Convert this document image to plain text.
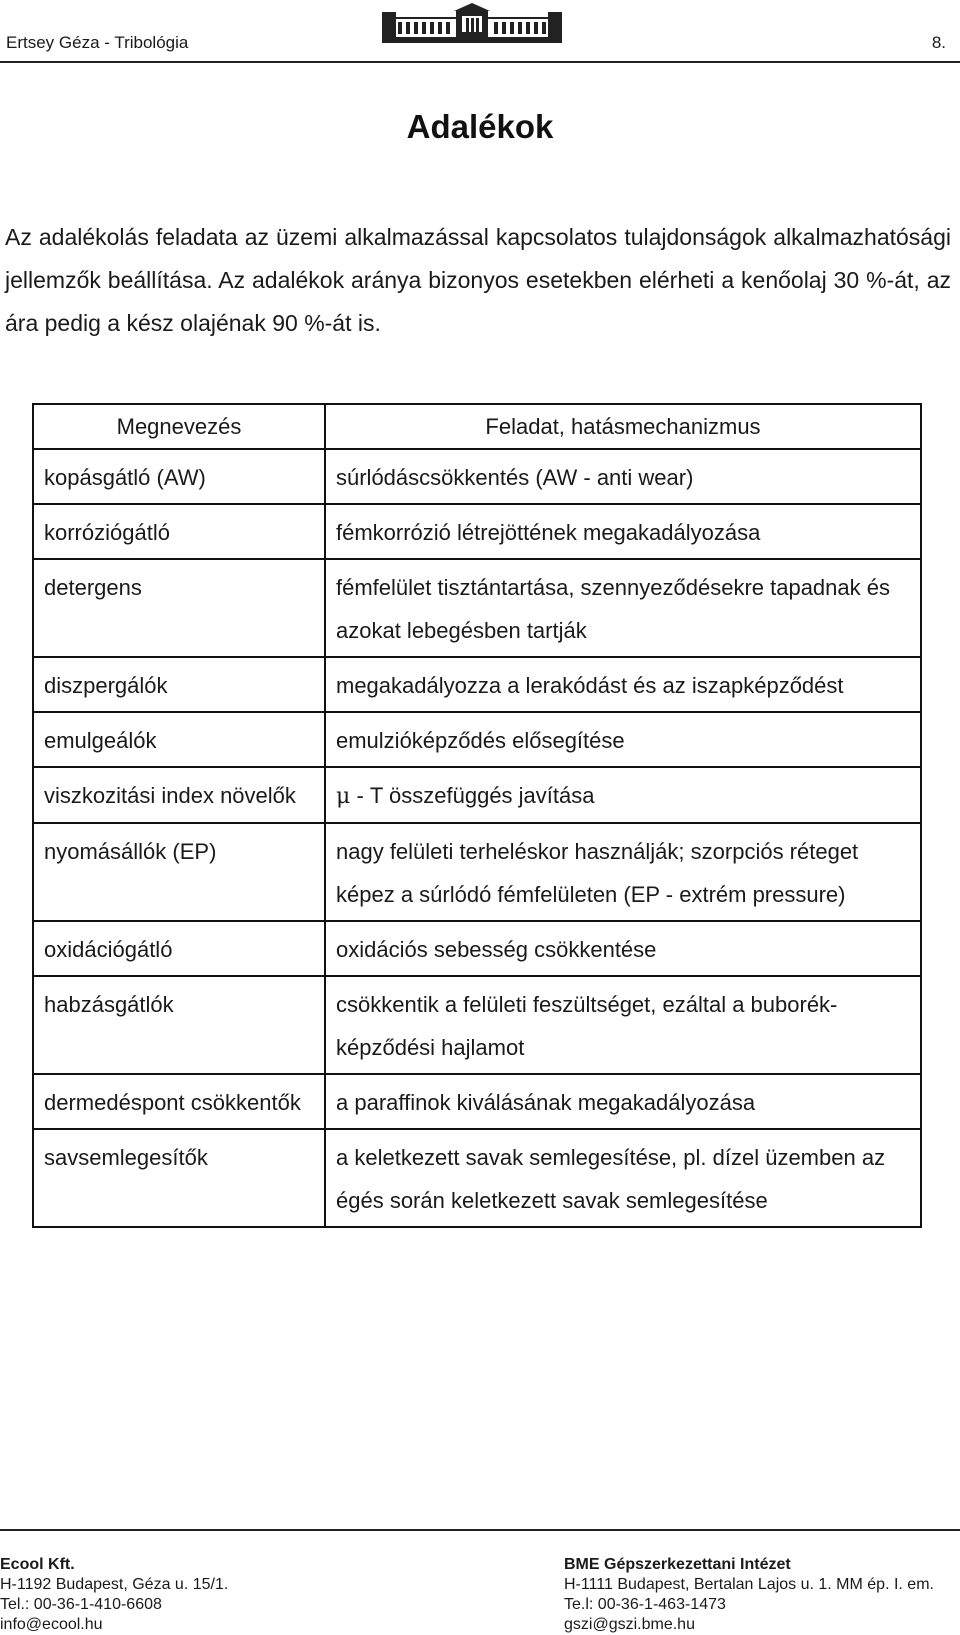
Ertsey Géza - Tribológia	8.
Adalékok

Az adalékolás feladata az üzemi alkalmazással kapcsolatos tulajdonságok alkalmazhatósági jellemzők beállítása. Az adalékok aránya bizonyos esetekben elérheti a kenőolaj 30 %-át, az ára pedig a kész olajénak 90 %-át is.

Megnevezés	Feladat, hatásmechanizmus
kopásgátló (AW)	súrlódáscsökkentés (AW - anti wear)
korróziógátló	fémkorrózió létrejöttének megakadályozása
detergens	fémfelület tisztántartása, szennyeződésekre tapadnak és azokat lebegésben tartják
diszpergálók	megakadályozza a lerakódást és az iszapképződést
emulgeálók	emulzióképződés elősegítése
viszkozitási index növelők	μ - T összefüggés javítása
nyomásállók (EP)	nagy felületi terheléskor használják; szorpciós réteget képez a súrlódó fémfelületen (EP - extrém pressure)
oxidációgátló	oxidációs sebesség csökkentése
habzásgátlók	csökkentik a felületi feszültséget, ezáltal a buborék-képződési hajlamot
dermedéspont csökkentők	a paraffinok kiválásának megakadályozása
savsemlegesítők	a keletkezett savak semlegesítése, pl. dízel üzemben az égés során keletkezett savak semlegesítése
Ecool Kft.
H-1192 Budapest, Géza u. 15/1.
Tel.: 00-36-1-410-6608
info@ecool.hu
BME Gépszerkezettani Intézet
H-1111 Budapest, Bertalan Lajos u. 1. MM ép. I. em.
Te.l: 00-36-1-463-1473
gszi@gszi.bme.hu
